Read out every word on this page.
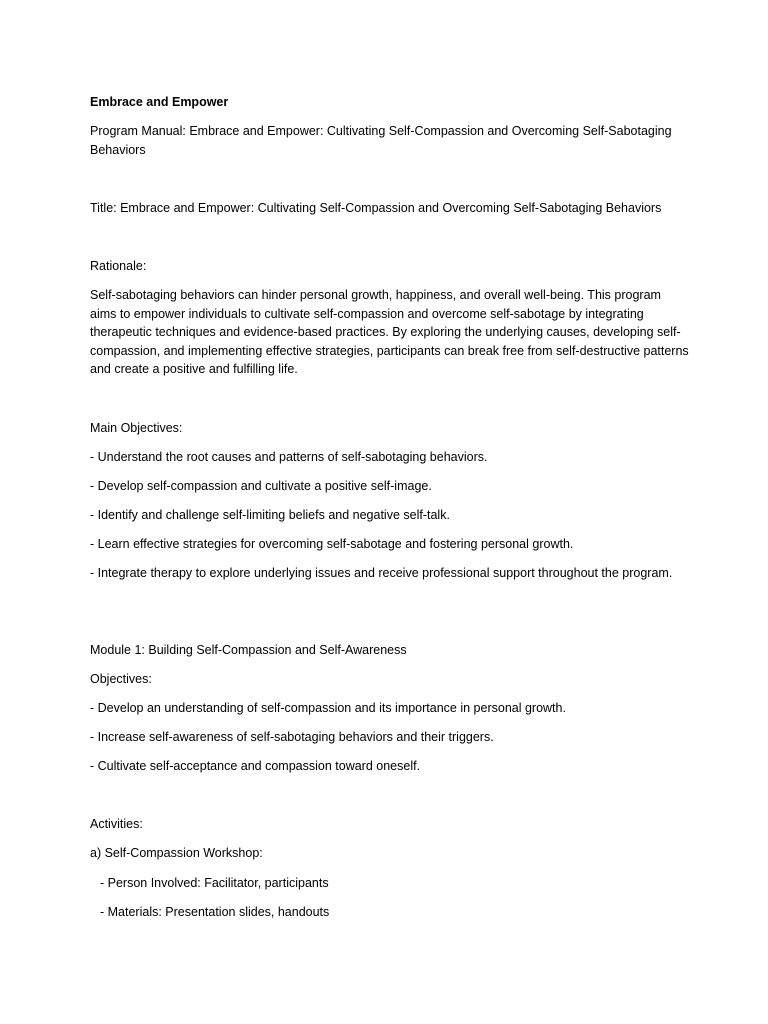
Embrace and Empower
Program Manual: Embrace and Empower: Cultivating Self-Compassion and Overcoming Self-Sabotaging Behaviors
Title: Embrace and Empower: Cultivating Self-Compassion and Overcoming Self-Sabotaging Behaviors
Rationale:
Self-sabotaging behaviors can hinder personal growth, happiness, and overall well-being. This program aims to empower individuals to cultivate self-compassion and overcome self-sabotage by integrating therapeutic techniques and evidence-based practices. By exploring the underlying causes, developing self-compassion, and implementing effective strategies, participants can break free from self-destructive patterns and create a positive and fulfilling life.
Main Objectives:
- Understand the root causes and patterns of self-sabotaging behaviors.
- Develop self-compassion and cultivate a positive self-image.
- Identify and challenge self-limiting beliefs and negative self-talk.
- Learn effective strategies for overcoming self-sabotage and fostering personal growth.
- Integrate therapy to explore underlying issues and receive professional support throughout the program.
Module 1: Building Self-Compassion and Self-Awareness
Objectives:
- Develop an understanding of self-compassion and its importance in personal growth.
- Increase self-awareness of self-sabotaging behaviors and their triggers.
- Cultivate self-acceptance and compassion toward oneself.
Activities:
a) Self-Compassion Workshop:
- Person Involved: Facilitator, participants
- Materials: Presentation slides, handouts
